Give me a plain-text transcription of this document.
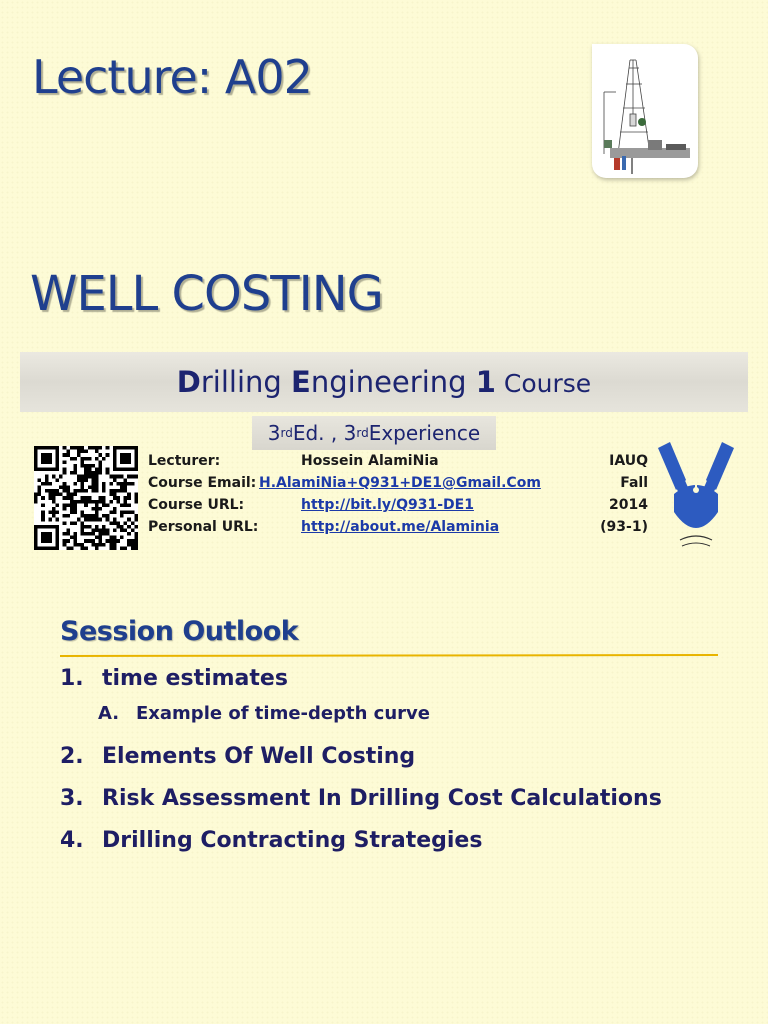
Lecture: A02
WELL COSTING
Drilling Engineering 1 Course
3 rd Ed. , 3 rd Experience
Lecturer:	Hossein AlamiNia	IAUQ
Course Email: H.AlamiNia+Q931+DE1@Gmail.Com	Fall
Course URL:	http://bit.ly/Q931-DE1	2014
Personal URL:	http://about.me/Alaminia	(93-1)
Session Outlook
1. time estimates
A. Example of time-depth curve
2. Elements Of Well Costing
3. Risk Assessment In Drilling Cost Calculations
4. Drilling Contracting Strategies
